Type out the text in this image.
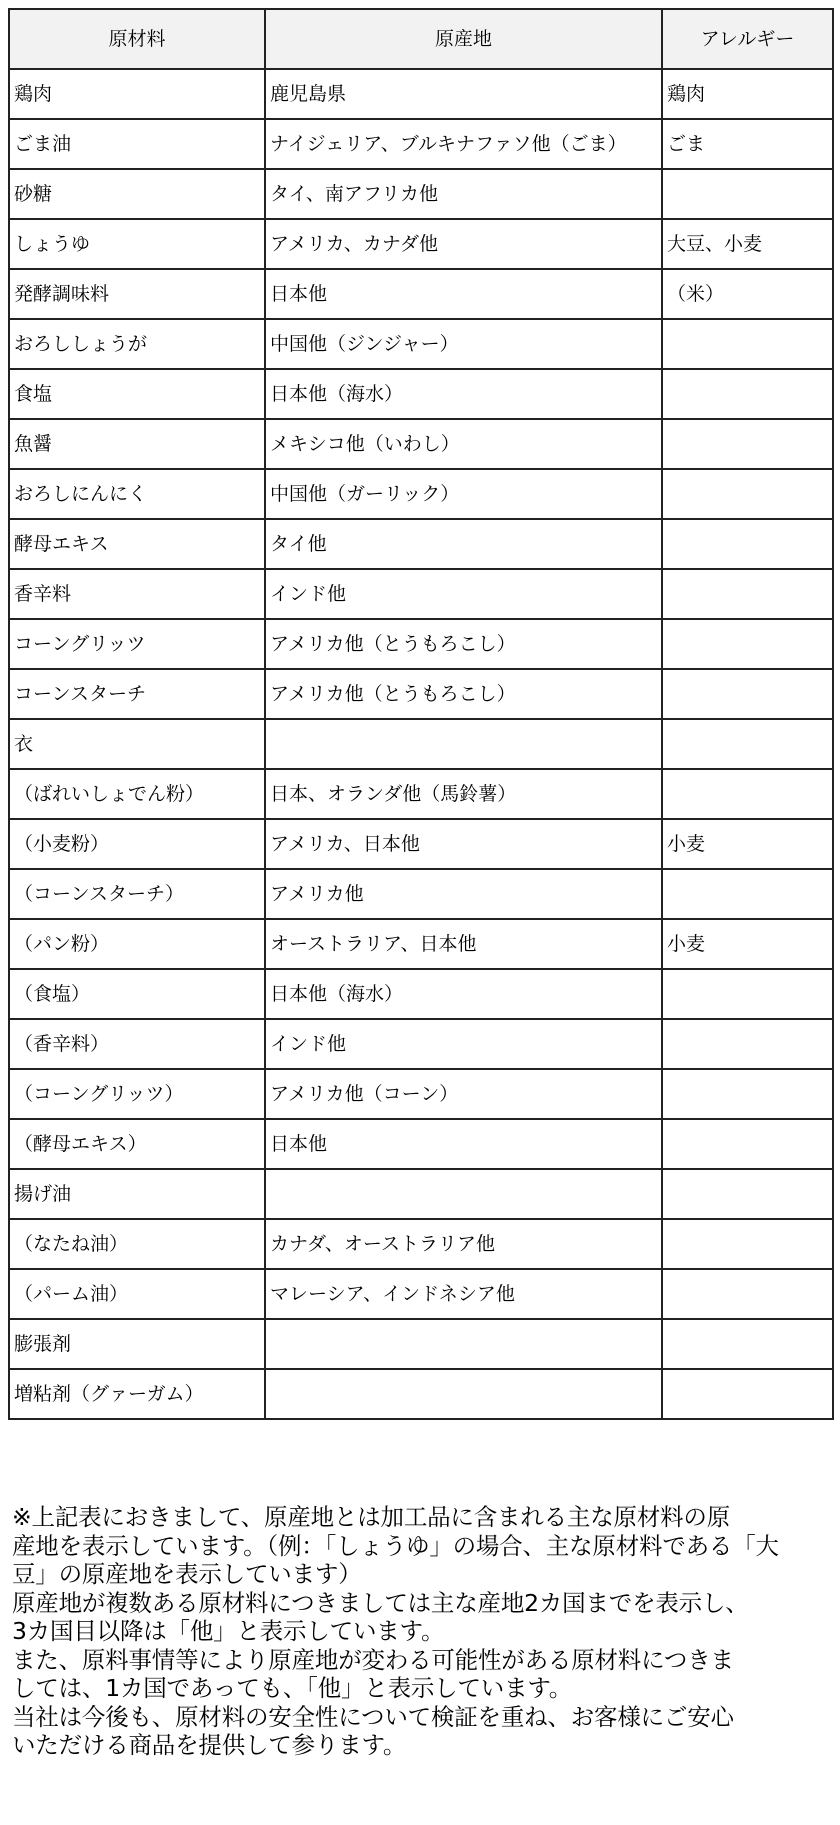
原材料	原産地	アレルギー
鶏肉	鹿児島県	鶏肉
ごま油	ナイジェリア、ブルキナファソ他（ごま）	ごま
砂糖	タイ、南アフリカ他	
しょうゆ	アメリカ、カナダ他	大豆、小麦
発酵調味料	日本他	（米）
おろししょうが	中国他（ジンジャー）	
食塩	日本他（海水）	
魚醤	メキシコ他（いわし）	
おろしにんにく	中国他（ガーリック）	
酵母エキス	タイ他	
香辛料	インド他	
コーングリッツ	アメリカ他（とうもろこし）	
コーンスターチ	アメリカ他（とうもろこし）	
衣		
（ばれいしょでん粉）	日本、オランダ他（馬鈴薯）	
（小麦粉）	アメリカ、日本他	小麦
（コーンスターチ）	アメリカ他	
（パン粉）	オーストラリア、日本他	小麦
（食塩）	日本他（海水）	
（香辛料）	インド他	
（コーングリッツ）	アメリカ他（コーン）	
（酵母エキス）	日本他	
揚げ油		
（なたね油）	カナダ、オーストラリア他	
（パーム油）	マレーシア、インドネシア他	
膨張剤		
増粘剤（グァーガム）		

※上記表におきまして、原産地とは加工品に含まれる主な原材料の原

産地を表示しています。（例：「しょうゆ」の場合、主な原材料である「大

豆」の原産地を表示しています）

原産地が複数ある原材料につきましては主な産地2カ国までを表示し、

3カ国目以降は「他」と表示しています。

また、原料事情等により原産地が変わる可能性がある原材料につきま

しては、1カ国であっても、「他」と表示しています。

当社は今後も、原材料の安全性について検証を重ね、お客様にご安心

いただける商品を提供して参ります。
